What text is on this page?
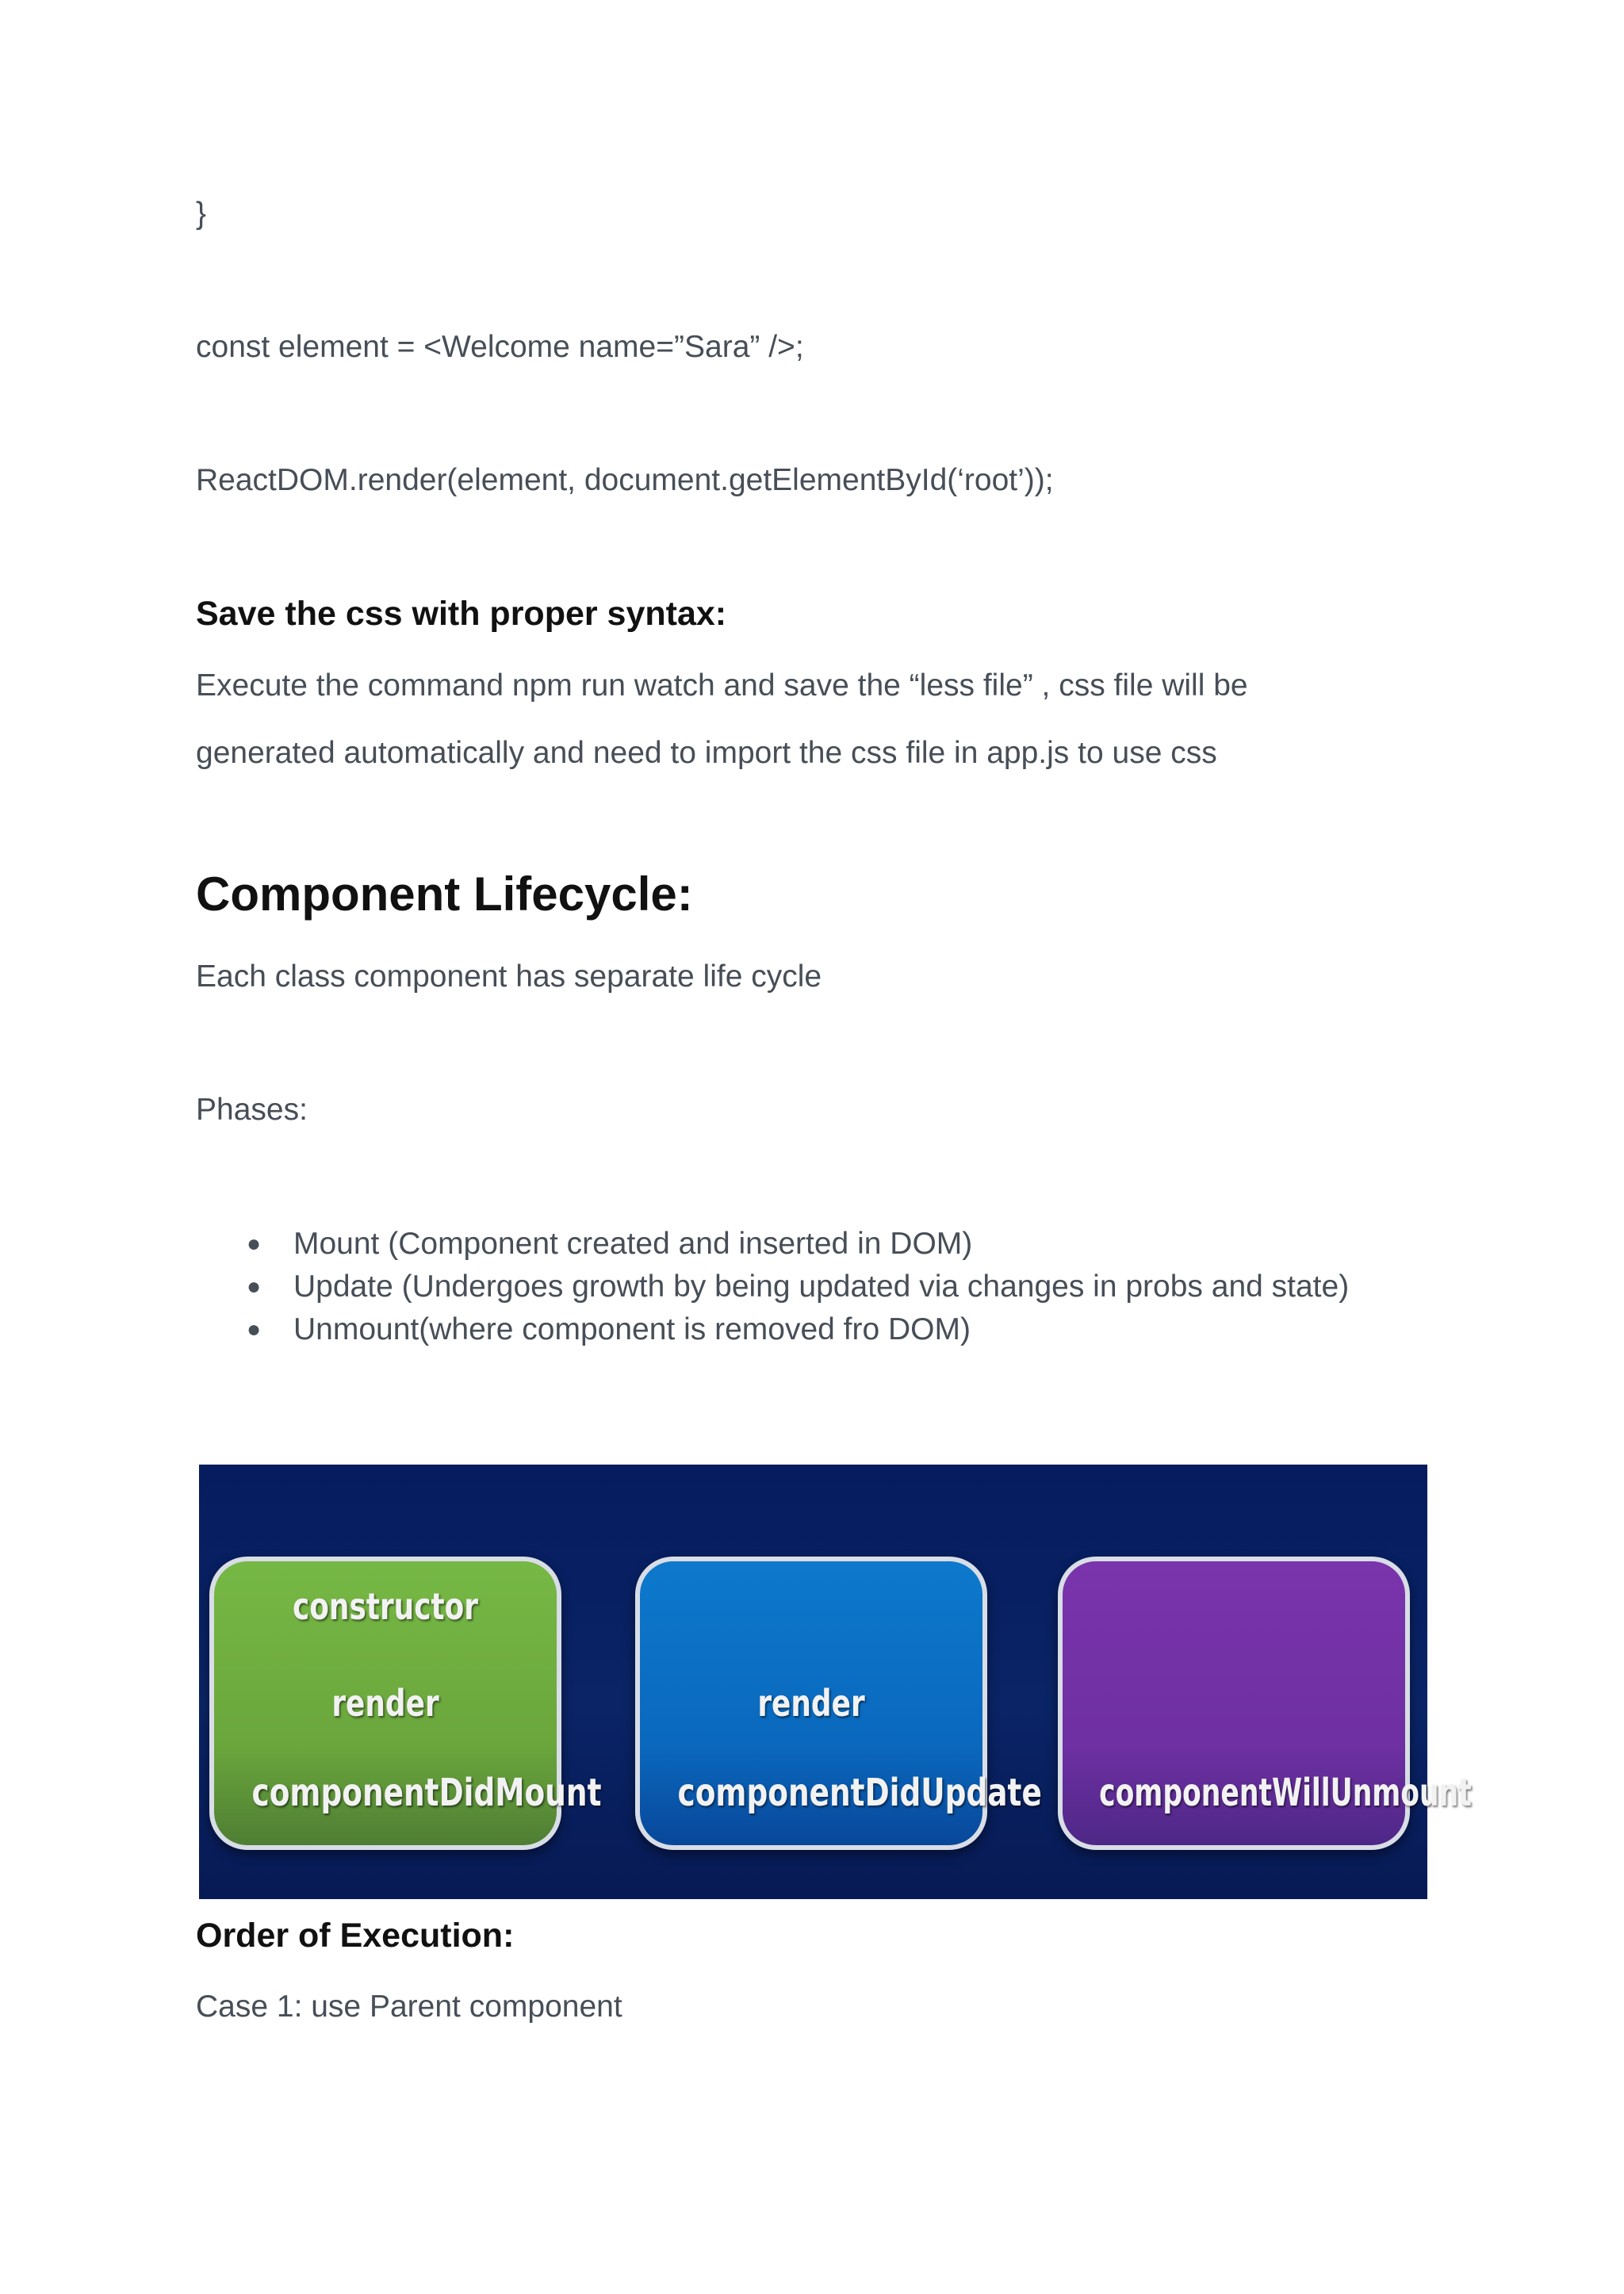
}
const element = <Welcome name=”Sara” />;
ReactDOM.render(element, document.getElementById(‘root’));
Save the css with proper syntax:
Execute the command npm run watch and save the “less file” , css file will be
generated automatically and need to import the css file in app.js to use css
Component Lifecycle:
Each class component has separate life cycle
Phases:
● Mount (Component created and inserted in DOM)
● Update (Undergoes growth by being updated via changes in probs and state)
● Unmount(where component is removed fro DOM)
constructor
render
componentDidMount
render
componentDidUpdate componentWillUnmount
Order of Execution:
Case 1: use Parent component
